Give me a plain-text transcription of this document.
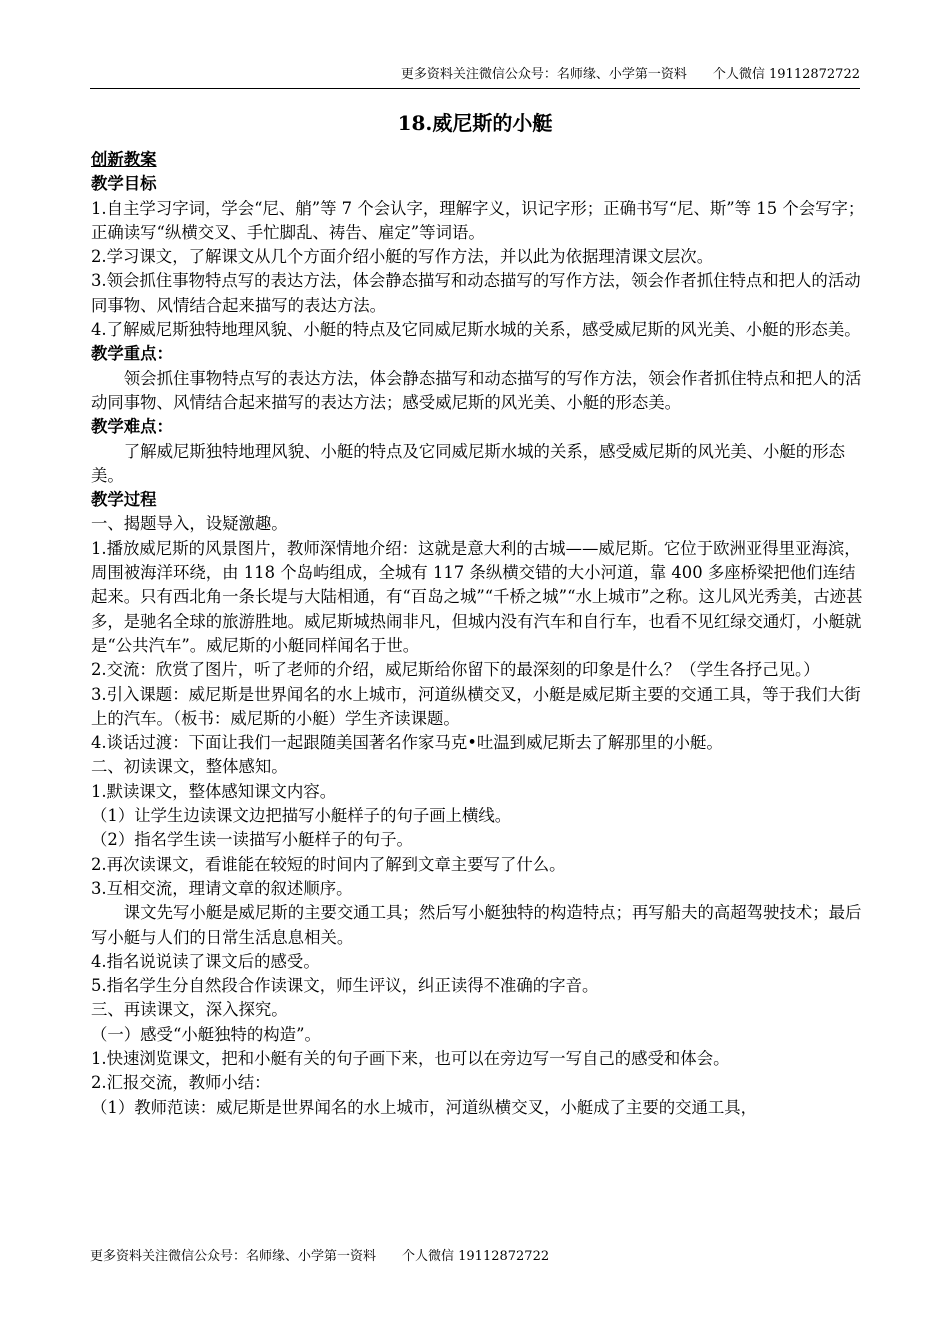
更多资料关注微信公众号：名师缘、小学第一资料　　个人微信 19112872722
18.威尼斯的小艇

创新教案

教学目标

1.自主学习字词，学会“尼、艄”等 7 个会认字，理解字义，识记字形；正确书写“尼、斯”等 15 个会写字；正确读写“纵横交叉、手忙脚乱、祷告、雇定”等词语。

2.学习课文，了解课文从几个方面介绍小艇的写作方法，并以此为依据理清课文层次。

3.领会抓住事物特点写的表达方法，体会静态描写和动态描写的写作方法，领会作者抓住特点和把人的活动同事物、风情结合起来描写的表达方法。

4.了解威尼斯独特地理风貌、小艇的特点及它同威尼斯水城的关系，感受威尼斯的风光美、小艇的形态美。

教学重点：

领会抓住事物特点写的表达方法，体会静态描写和动态描写的写作方法，领会作者抓住特点和把人的活动同事物、风情结合起来描写的表达方法；感受威尼斯的风光美、小艇的形态美。

教学难点：

了解威尼斯独特地理风貌、小艇的特点及它同威尼斯水城的关系，感受威尼斯的风光美、小艇的形态美。

教学过程

一、揭题导入，设疑激趣。

1.播放威尼斯的风景图片，教师深情地介绍：这就是意大利的古城——威尼斯。它位于欧洲亚得里亚海滨，周围被海洋环绕，由 118 个岛屿组成，全城有 117 条纵横交错的大小河道，靠 400 多座桥梁把他们连结起来。只有西北角一条长堤与大陆相通，有“百岛之城”“千桥之城”“水上城市”之称。这儿风光秀美，古迹甚多，是驰名全球的旅游胜地。威尼斯城热闹非凡，但城内没有汽车和自行车，也看不见红绿交通灯，小艇就是“公共汽车”。威尼斯的小艇同样闻名于世。

2.交流：欣赏了图片，听了老师的介绍，威尼斯给你留下的最深刻的印象是什么？（学生各抒己见。）

3.引入课题：威尼斯是世界闻名的水上城市，河道纵横交叉，小艇是威尼斯主要的交通工具，等于我们大街上的汽车。（板书：威尼斯的小艇）学生齐读课题。

4.谈话过渡：下面让我们一起跟随美国著名作家马克•吐温到威尼斯去了解那里的小艇。

二、初读课文，整体感知。

1.默读课文，整体感知课文内容。

（1）让学生边读课文边把描写小艇样子的句子画上横线。

（2）指名学生读一读描写小艇样子的句子。

2.再次读课文，看谁能在较短的时间内了解到文章主要写了什么。

3.互相交流，理请文章的叙述顺序。

课文先写小艇是威尼斯的主要交通工具；然后写小艇独特的构造特点；再写船夫的高超驾驶技术；最后写小艇与人们的日常生活息息相关。

4.指名说说读了课文后的感受。

5.指名学生分自然段合作读课文，师生评议，纠正读得不准确的字音。

三、再读课文，深入探究。

（一）感受“小艇独特的构造”。

1.快速浏览课文，把和小艇有关的句子画下来，也可以在旁边写一写自己的感受和体会。

2.汇报交流，教师小结：

（1）教师范读：威尼斯是世界闻名的水上城市，河道纵横交叉，小艇成了主要的交通工具，

更多资料关注微信公众号：名师缘、小学第一资料　　个人微信 19112872722
